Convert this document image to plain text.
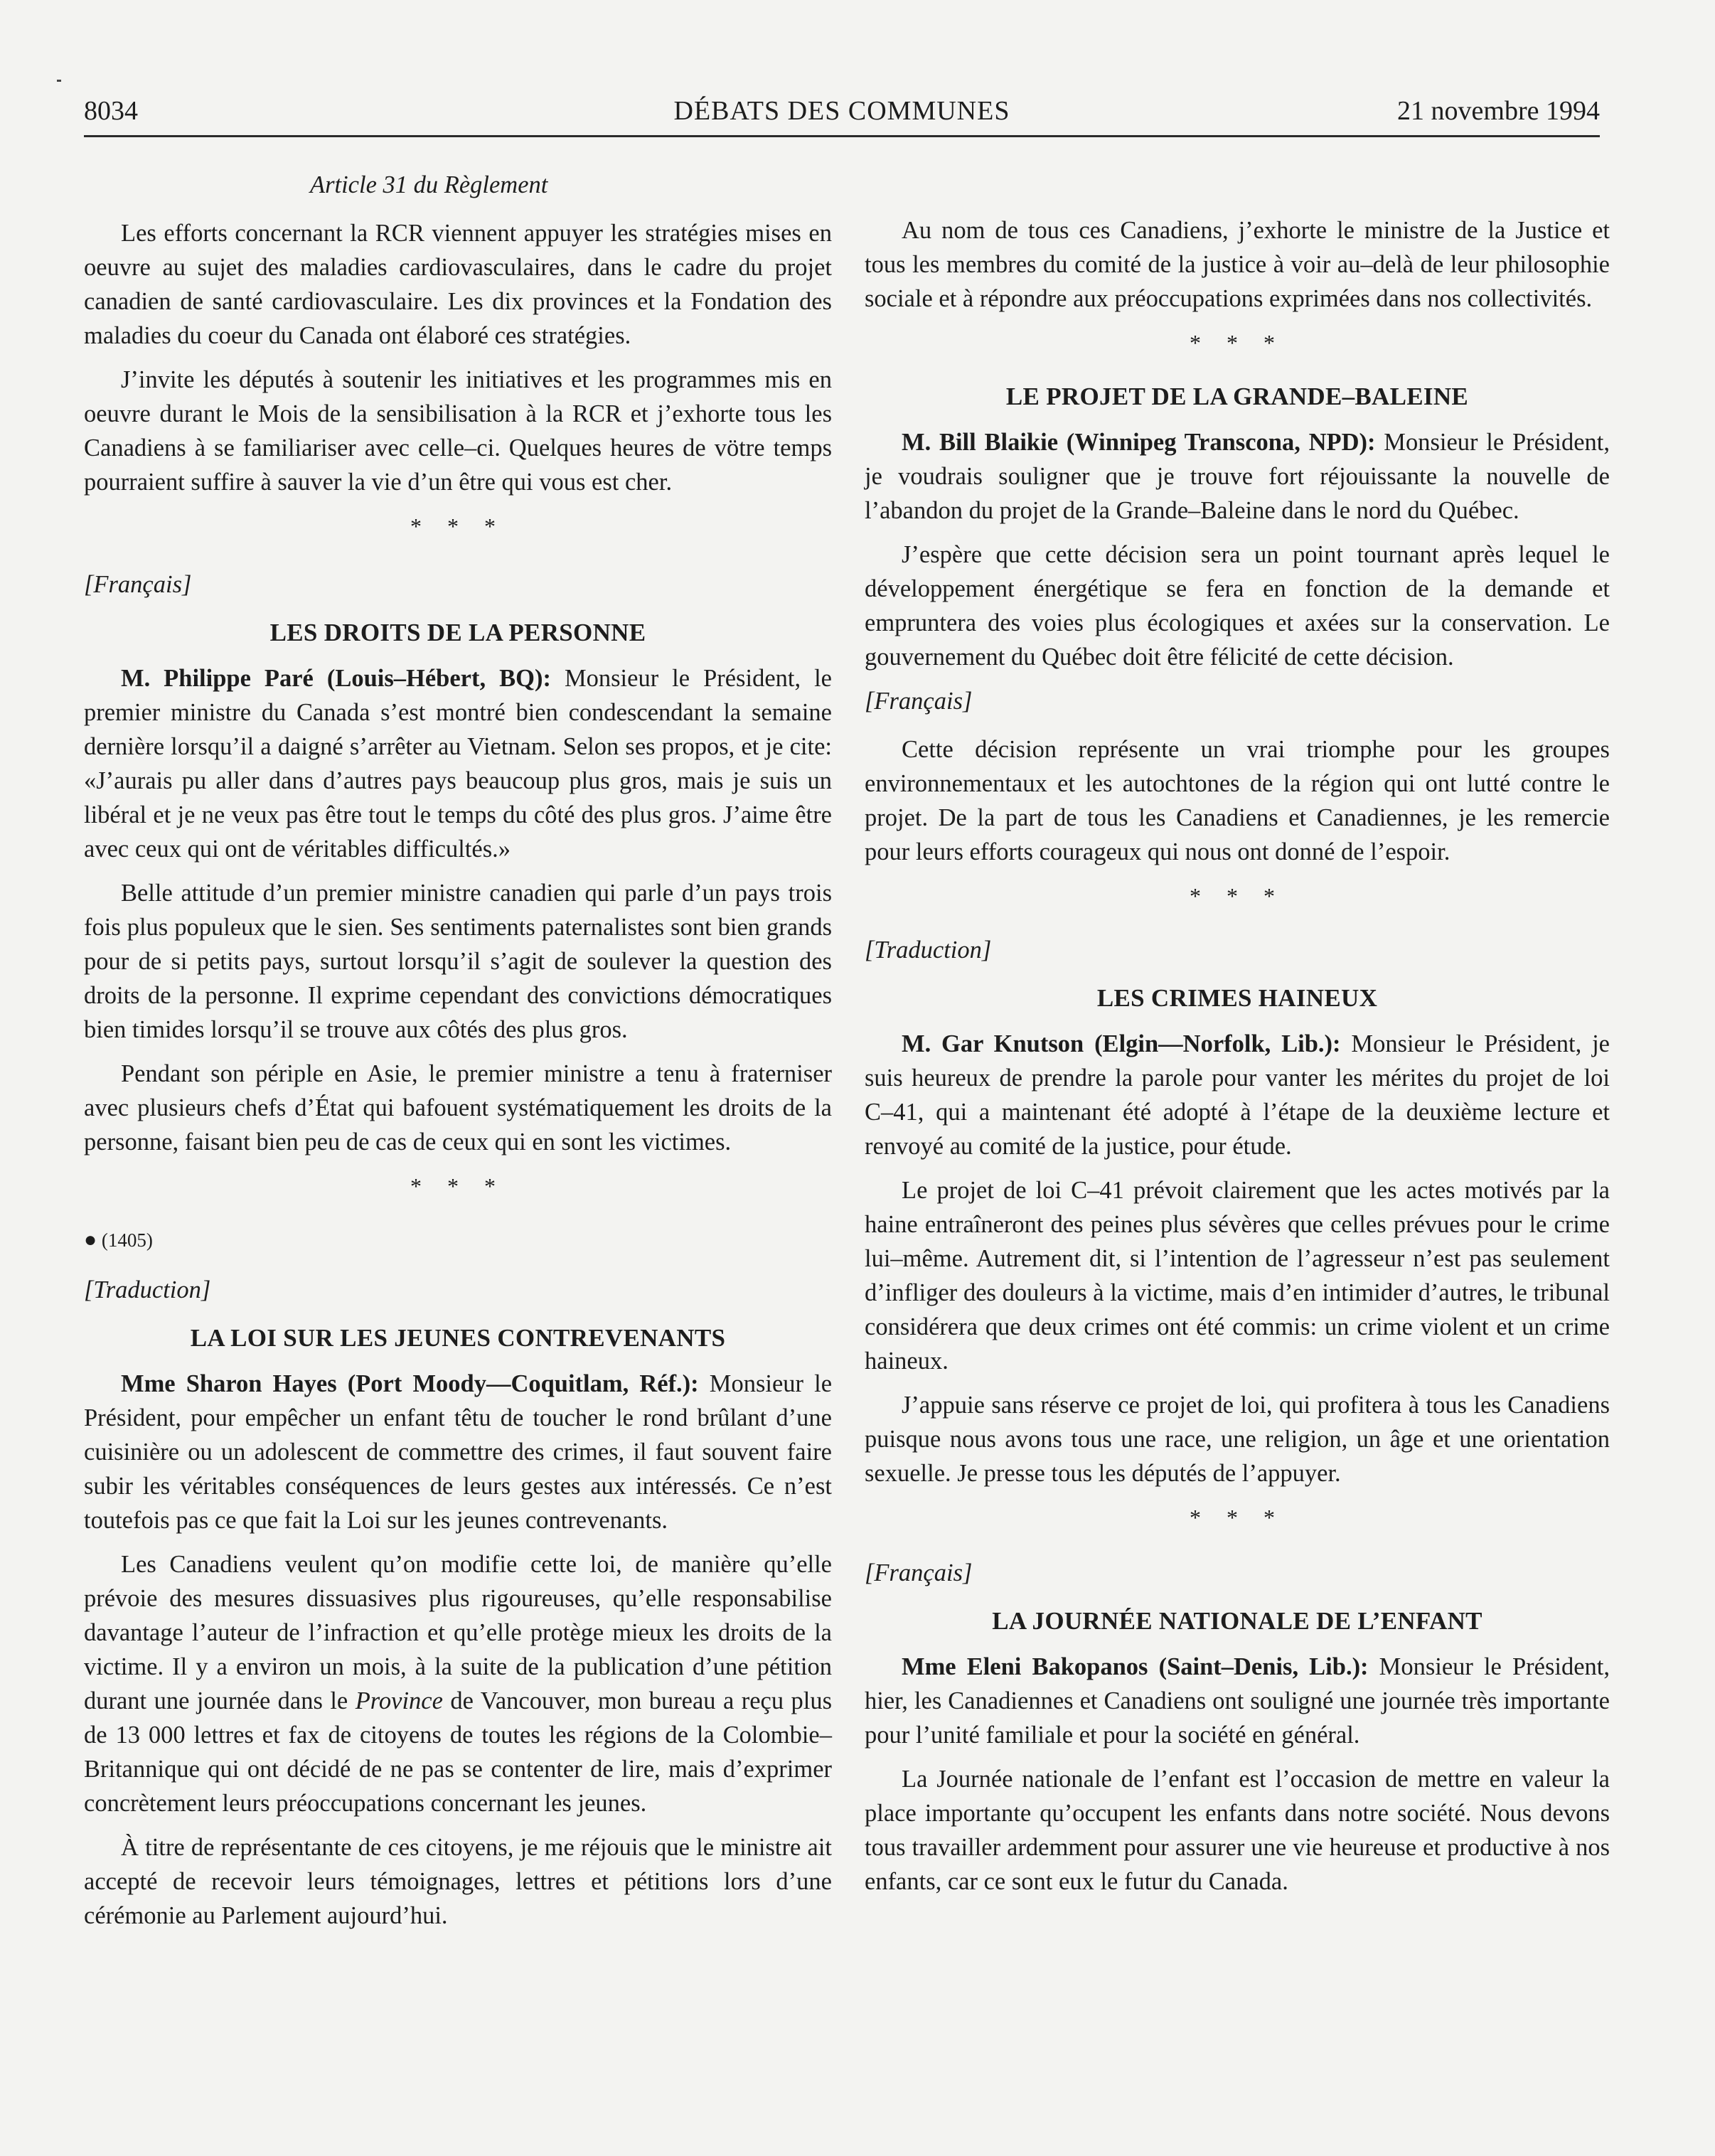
8034	DÉBATS DES COMMUNES	21 novembre 1994

Article 31 du Règlement

Les efforts concernant la RCR viennent appuyer les stratégies mises en oeuvre au sujet des maladies cardiovasculaires, dans le cadre du projet canadien de santé cardiovasculaire. Les dix provinces et la Fondation des maladies du coeur du Canada ont élaboré ces stratégies.

J’invite les députés à soutenir les initiatives et les programmes mis en oeuvre durant le Mois de la sensibilisation à la RCR et j’exhorte tous les Canadiens à se familiariser avec celle–ci. Quelques heures de vötre temps pourraient suffire à sauver la vie d’un être qui vous est cher.

* * *

[Français]

LES DROITS DE LA PERSONNE

M. Philippe Paré (Louis–Hébert, BQ): Monsieur le Président, le premier ministre du Canada s’est montré bien condescendant la semaine dernière lorsqu’il a daigné s’arrêter au Vietnam. Selon ses propos, et je cite: «J’aurais pu aller dans d’autres pays beaucoup plus gros, mais je suis un libéral et je ne veux pas être tout le temps du côté des plus gros. J’aime être avec ceux qui ont de véritables difficultés.»

Belle attitude d’un premier ministre canadien qui parle d’un pays trois fois plus populeux que le sien. Ses sentiments paternalistes sont bien grands pour de si petits pays, surtout lorsqu’il s’agit de soulever la question des droits de la personne. Il exprime cependant des convictions démocratiques bien timides lorsqu’il se trouve aux côtés des plus gros.

Pendant son périple en Asie, le premier ministre a tenu à fraterniser avec plusieurs chefs d’État qui bafouent systématiquement les droits de la personne, faisant bien peu de cas de ceux qui en sont les victimes.

* * *
● (1405)

[Traduction]

LA LOI SUR LES JEUNES CONTREVENANTS

Mme Sharon Hayes (Port Moody—Coquitlam, Réf.): Monsieur le Président, pour empêcher un enfant têtu de toucher le rond brûlant d’une cuisinière ou un adolescent de commettre des crimes, il faut souvent faire subir les véritables conséquences de leurs gestes aux intéressés. Ce n’est toutefois pas ce que fait la Loi sur les jeunes contrevenants.

Les Canadiens veulent qu’on modifie cette loi, de manière qu’elle prévoie des mesures dissuasives plus rigoureuses, qu’elle responsabilise davantage l’auteur de l’infraction et qu’elle protège mieux les droits de la victime. Il y a environ un mois, à la suite de la publication d’une pétition durant une journée dans le Province de Vancouver, mon bureau a reçu plus de 13 000 lettres et fax de citoyens de toutes les régions de la Colombie–Britannique qui ont décidé de ne pas se contenter de lire, mais d’exprimer concrètement leurs préoccupations concernant les jeunes.

À titre de représentante de ces citoyens, je me réjouis que le ministre ait accepté de recevoir leurs témoignages, lettres et pétitions lors d’une cérémonie au Parlement aujourd’hui.

Au nom de tous ces Canadiens, j’exhorte le ministre de la Justice et tous les membres du comité de la justice à voir au–delà de leur philosophie sociale et à répondre aux préoccupations exprimées dans nos collectivités.

* * *
LE PROJET DE LA GRANDE–BALEINE

M. Bill Blaikie (Winnipeg Transcona, NPD): Monsieur le Président, je voudrais souligner que je trouve fort réjouissante la nouvelle de l’abandon du projet de la Grande–Baleine dans le nord du Québec.

J’espère que cette décision sera un point tournant après lequel le développement énergétique se fera en fonction de la demande et empruntera des voies plus écologiques et axées sur la conservation. Le gouvernement du Québec doit être félicité de cette décision.

[Français]

Cette décision représente un vrai triomphe pour les groupes environnementaux et les autochtones de la région qui ont lutté contre le projet. De la part de tous les Canadiens et Canadiennes, je les remercie pour leurs efforts courageux qui nous ont donné de l’espoir.

* * *

[Traduction]

LES CRIMES HAINEUX

M. Gar Knutson (Elgin—Norfolk, Lib.): Monsieur le Président, je suis heureux de prendre la parole pour vanter les mérites du projet de loi C–41, qui a maintenant été adopté à l’étape de la deuxième lecture et renvoyé au comité de la justice, pour étude.

Le projet de loi C–41 prévoit clairement que les actes motivés par la haine entraîneront des peines plus sévères que celles prévues pour le crime lui–même. Autrement dit, si l’intention de l’agresseur n’est pas seulement d’infliger des douleurs à la victime, mais d’en intimider d’autres, le tribunal considérera que deux crimes ont été commis: un crime violent et un crime haineux.

J’appuie sans réserve ce projet de loi, qui profitera à tous les Canadiens puisque nous avons tous une race, une religion, un âge et une orientation sexuelle. Je presse tous les députés de l’appuyer.

* * *

[Français]

LA JOURNÉE NATIONALE DE L’ENFANT

Mme Eleni Bakopanos (Saint–Denis, Lib.): Monsieur le Président, hier, les Canadiennes et Canadiens ont souligné une journée très importante pour l’unité familiale et pour la société en général.

La Journée nationale de l’enfant est l’occasion de mettre en valeur la place importante qu’occupent les enfants dans notre société. Nous devons tous travailler ardemment pour assurer une vie heureuse et productive à nos enfants, car ce sont eux le futur du Canada.
